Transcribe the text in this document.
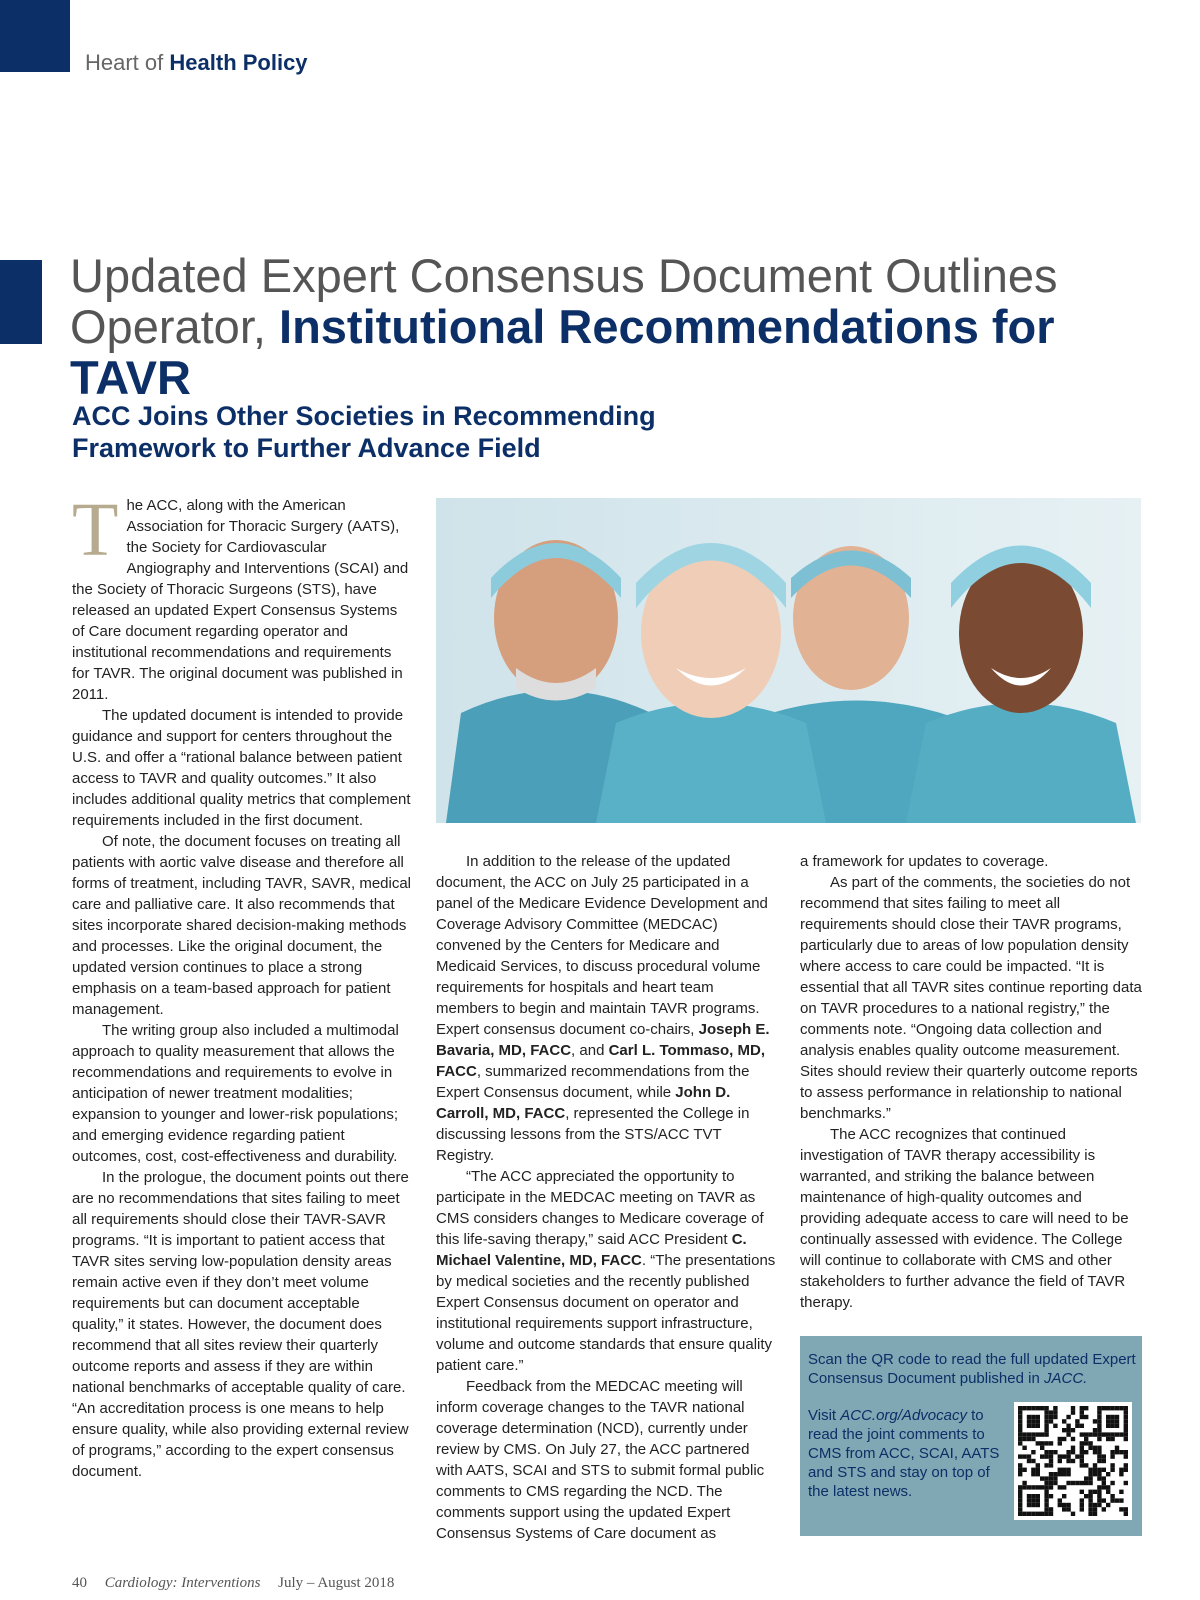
Heart of Health Policy
Updated Expert Consensus Document Outlines Operator, Institutional Recommendations for TAVR
ACC Joins Other Societies in Recommending Framework to Further Advance Field

The ACC, along with the American Association for Thoracic Surgery (AATS), the Society for Cardiovascular Angiography and Interventions (SCAI) and the Society of Thoracic Surgeons (STS), have released an updated Expert Consensus Systems of Care document regarding operator and institutional recommendations and requirements for TAVR. The original document was published in 2011.

The updated document is intended to provide guidance and support for centers throughout the U.S. and offer a “rational balance between patient access to TAVR and quality outcomes.” It also includes additional quality metrics that complement requirements included in the first document.

Of note, the document focuses on treating all patients with aortic valve disease and therefore all forms of treatment, including TAVR, SAVR, medical care and palliative care. It also recommends that sites incorporate shared decision-making methods and processes. Like the original document, the updated version continues to place a strong emphasis on a team-based approach for patient management.

The writing group also included a multimodal approach to quality measurement that allows the recommendations and requirements to evolve in anticipation of newer treatment modalities; expansion to younger and lower-risk populations; and emerging evidence regarding patient outcomes, cost, cost-effectiveness and durability.

In the prologue, the document points out there are no recommendations that sites failing to meet all requirements should close their TAVR-SAVR programs. “It is important to patient access that TAVR sites serving low-population density areas remain active even if they don’t meet volume requirements but can document acceptable quality,” it states. However, the document does recommend that all sites review their quarterly outcome reports and assess if they are within national benchmarks of acceptable quality of care. “An accreditation process is one means to help ensure quality, while also providing external review of programs,” according to the expert consensus document.

In addition to the release of the updated document, the ACC on July 25 participated in a panel of the Medicare Evidence Development and Coverage Advisory Committee (MEDCAC) convened by the Centers for Medicare and Medicaid Services, to discuss procedural volume requirements for hospitals and heart team members to begin and maintain TAVR programs. Expert consensus document co-chairs, Joseph E. Bavaria, MD, FACC, and Carl L. Tommaso, MD, FACC, summarized recommendations from the Expert Consensus document, while John D. Carroll, MD, FACC, represented the College in discussing lessons from the STS/ACC TVT Registry.

“The ACC appreciated the opportunity to participate in the MEDCAC meeting on TAVR as CMS considers changes to Medicare coverage of this life-saving therapy,” said ACC President C. Michael Valentine, MD, FACC. “The presentations by medical societies and the recently published Expert Consensus document on operator and institutional requirements support infrastructure, volume and outcome standards that ensure quality patient care.”

Feedback from the MEDCAC meeting will inform coverage changes to the TAVR national coverage determination (NCD), currently under review by CMS. On July 27, the ACC partnered with AATS, SCAI and STS to submit formal public comments to CMS regarding the NCD. The comments support using the updated Expert Consensus Systems of Care document as

a framework for updates to coverage.

As part of the comments, the societies do not recommend that sites failing to meet all requirements should close their TAVR programs, particularly due to areas of low population density where access to care could be impacted. “It is essential that all TAVR sites continue reporting data on TAVR procedures to a national registry,” the comments note. “Ongoing data collection and analysis enables quality outcome measurement. Sites should review their quarterly outcome reports to assess performance in relationship to national benchmarks.”

The ACC recognizes that continued investigation of TAVR therapy accessibility is warranted, and striking the balance between maintenance of high-quality outcomes and providing adequate access to care will need to be continually assessed with evidence. The College will continue to collaborate with CMS and other stakeholders to further advance the field of TAVR therapy.

Scan the QR code to read the full updated Expert Consensus Document published in JACC.
Visit ACC.org/Advocacy to read the joint comments to CMS from ACC, SCAI, AATS and STS and stay on top of the latest news.
40 Cardiology: Interventions July – August 2018
